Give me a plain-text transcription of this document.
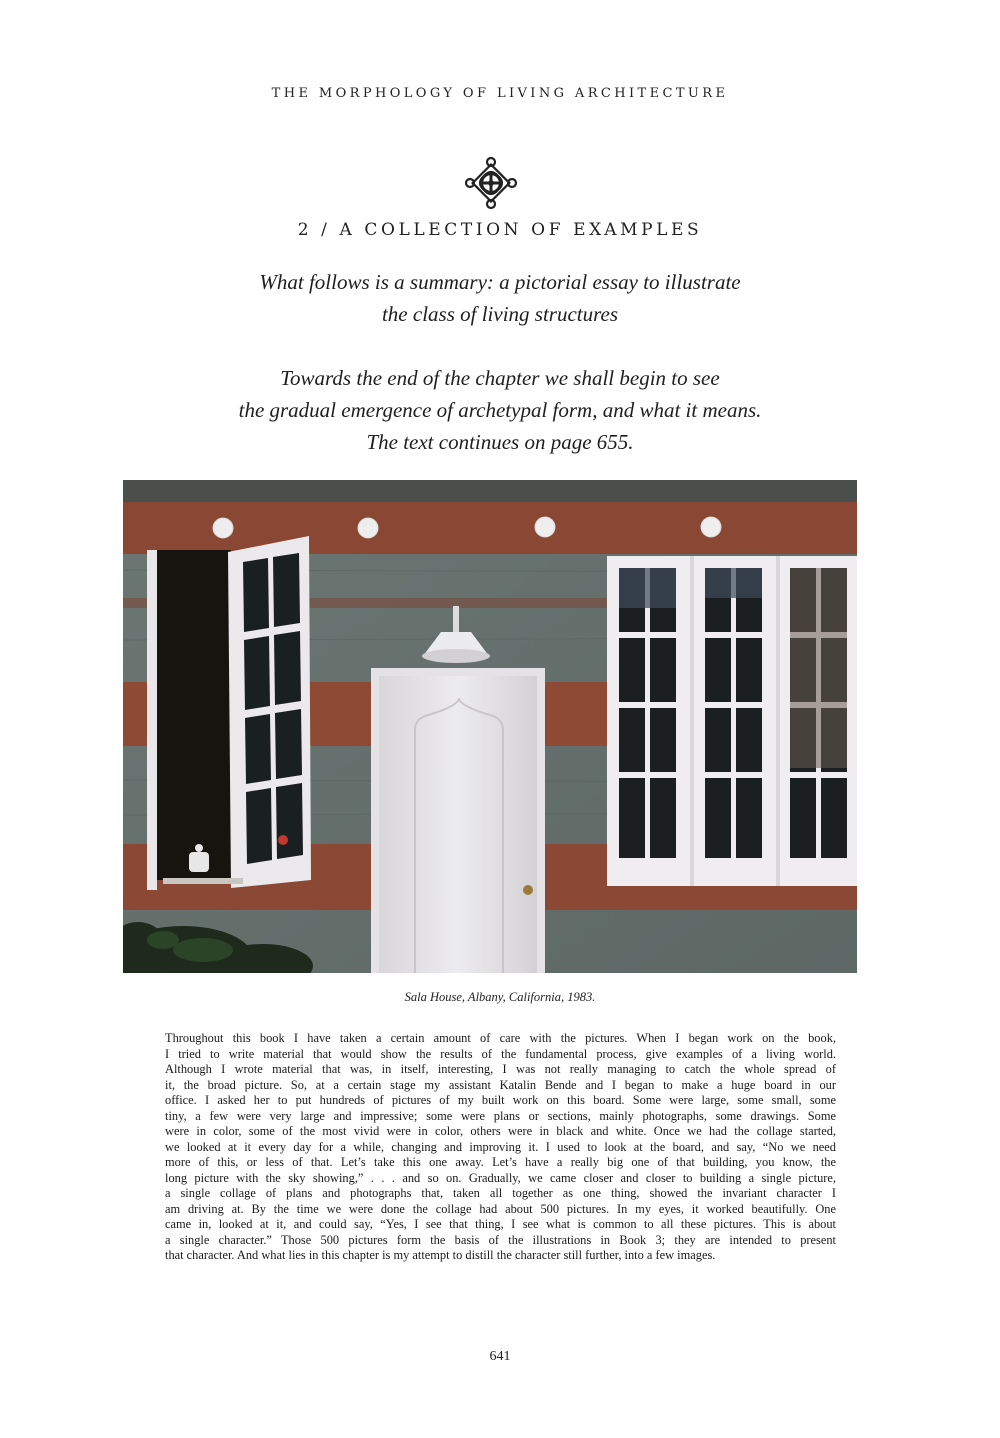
THE MORPHOLOGY OF LIVING ARCHITECTURE
2 / A COLLECTION OF EXAMPLES
What follows is a summary: a pictorial essay to illustrate
the class of living structures
Towards the end of the chapter we shall begin to see
the gradual emergence of archetypal form, and what it means.
The text continues on page 655.
Sala House, Albany, California, 1983.
Throughout this book I have taken a certain amount of care with the pictures. When I began work on the book,
I tried to write material that would show the results of the fundamental process, give examples of a living world.
Although I wrote material that was, in itself, interesting, I was not really managing to catch the whole spread of
it, the broad picture. So, at a certain stage my assistant Katalin Bende and I began to make a huge board in our
office. I asked her to put hundreds of pictures of my built work on this board. Some were large, some small, some
tiny, a few were very large and impressive; some were plans or sections, mainly photographs, some drawings. Some
were in color, some of the most vivid were in color, others were in black and white. Once we had the collage started,
we looked at it every day for a while, changing and improving it. I used to look at the board, and say, “No we need
more of this, or less of that. Let’s take this one away. Let’s have a really big one of that building, you know, the
long picture with the sky showing,” . . . and so on. Gradually, we came closer and closer to building a single picture,
a single collage of plans and photographs that, taken all together as one thing, showed the invariant character I
am driving at. By the time we were done the collage had about 500 pictures. In my eyes, it worked beautifully. One
came in, looked at it, and could say, “Yes, I see that thing, I see what is common to all these pictures. This is about
a single character.” Those 500 pictures form the basis of the illustrations in Book 3; they are intended to present
that character. And what lies in this chapter is my attempt to distill the character still further, into a few images.
641
